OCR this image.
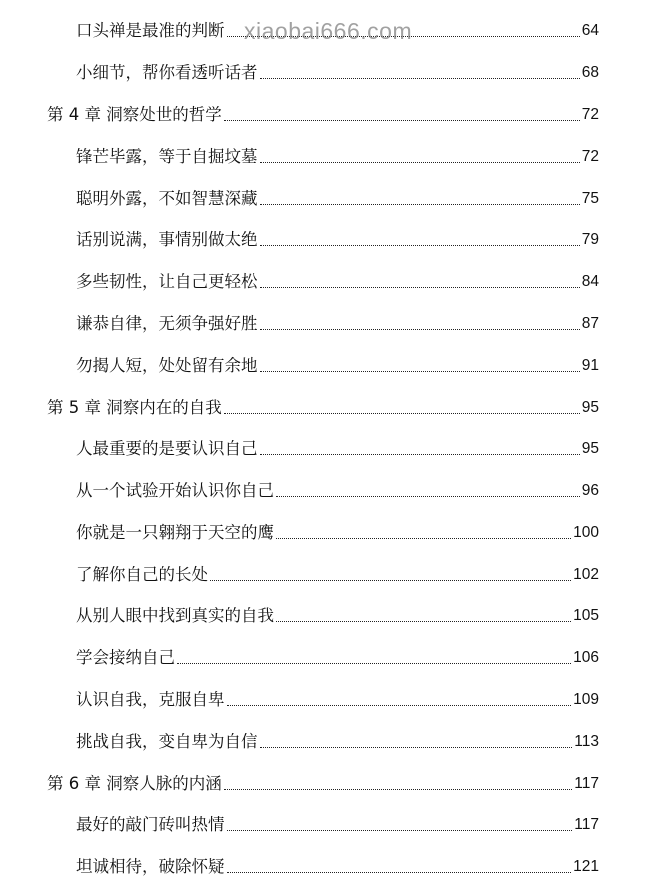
口头禅是最准的判断	64
小细节，帮你看透听话者	68
第 4 章 洞察处世的哲学	72
锋芒毕露，等于自掘坟墓	72
聪明外露，不如智慧深藏	75
话别说满，事情别做太绝	79
多些韧性，让自己更轻松	84
谦恭自律，无须争强好胜	87
勿揭人短，处处留有余地	91
第 5 章 洞察内在的自我	95
人最重要的是要认识自己	95
从一个试验开始认识你自己	96
你就是一只翱翔于天空的鹰	100
了解你自己的长处	102
从别人眼中找到真实的自我	105
学会接纳自己	106
认识自我，克服自卑	109
挑战自我，变自卑为自信	113
第 6 章 洞察人脉的内涵	117
最好的敲门砖叫热情	117
坦诚相待，破除怀疑	121
xiaobai666.com
